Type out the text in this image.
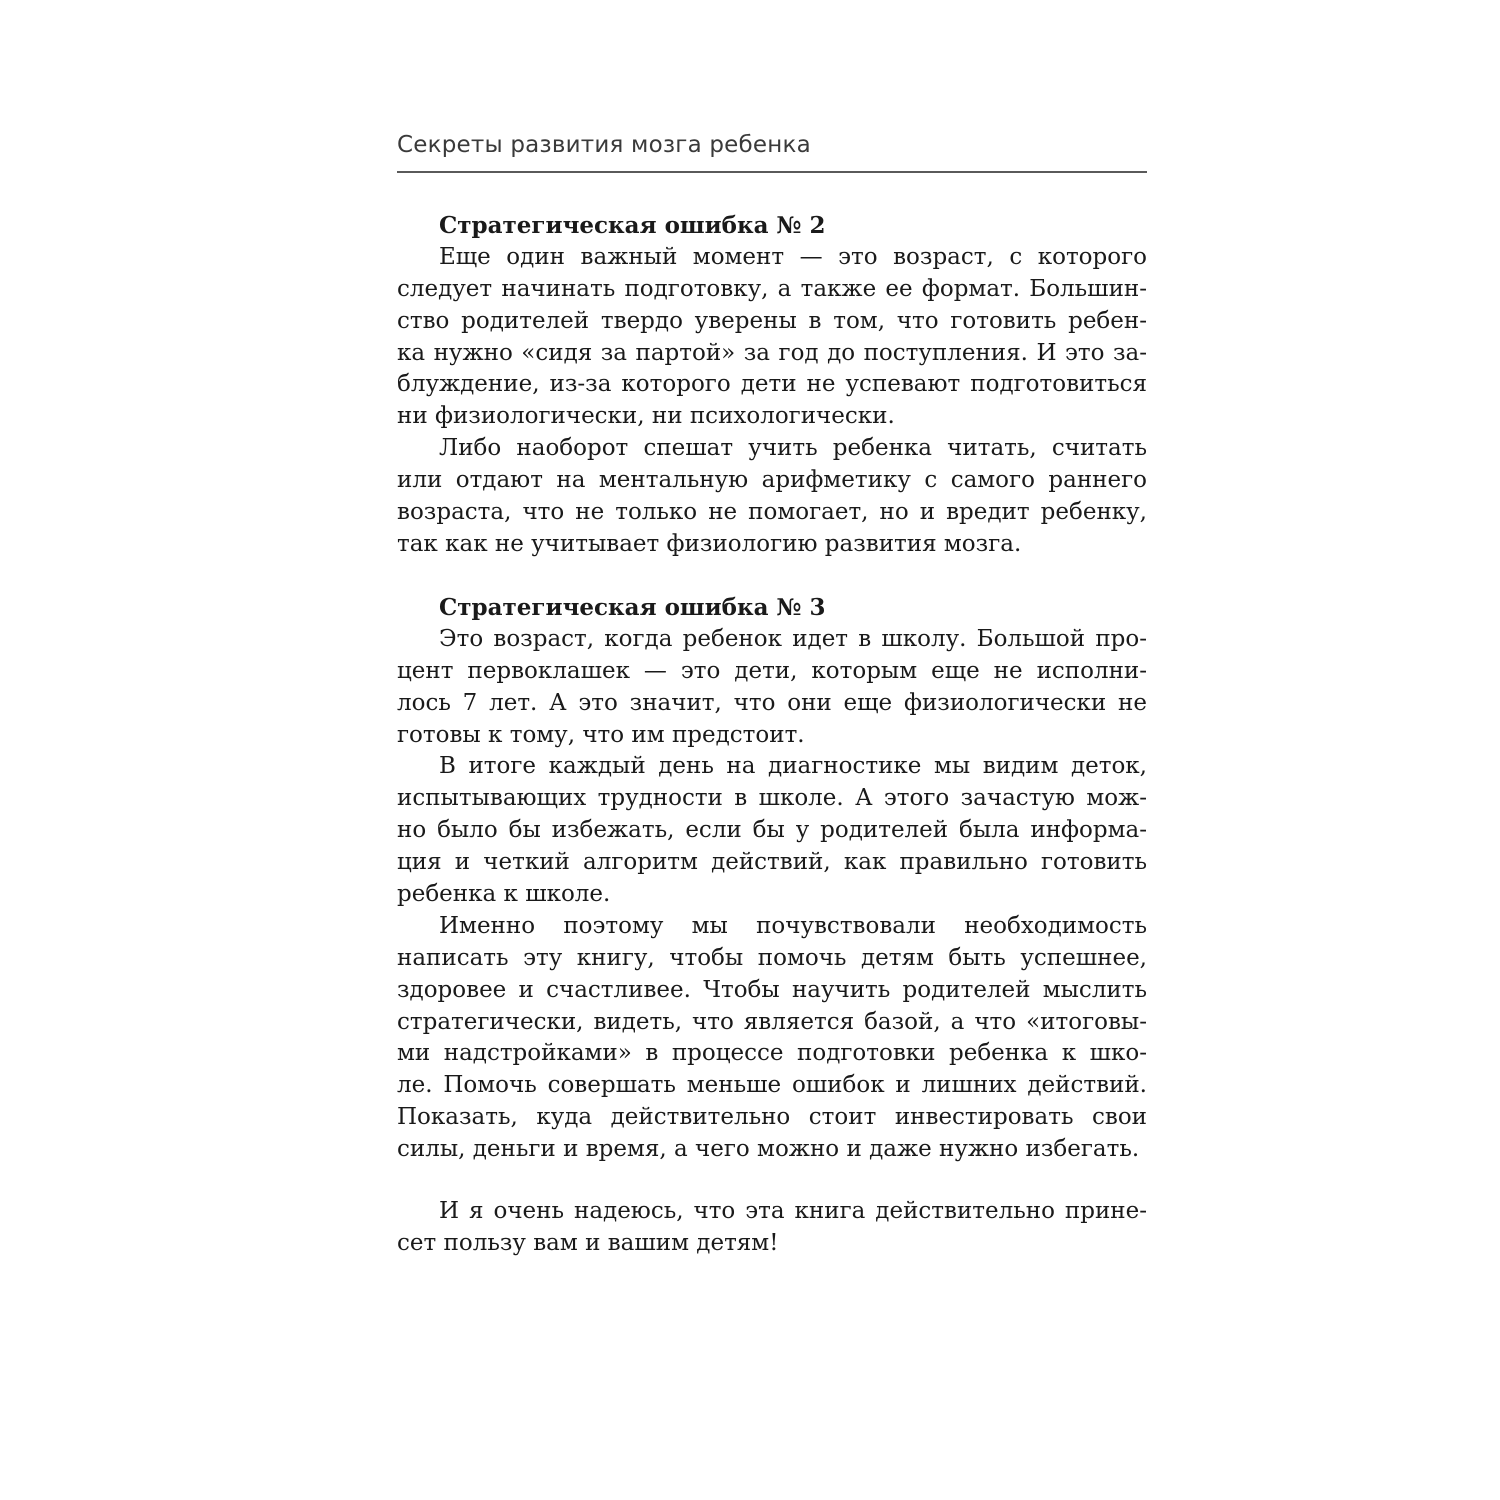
Секреты развития мозга ребенка
Стратегическая ошибка № 2
Еще один важный момент — это возраст, с которого
следует начинать подготовку, а также ее формат. Большин-
ство родителей твердо уверены в том, что готовить ребен-
ка нужно «сидя за партой» за год до поступления. И это за-
блуждение, из-за которого дети не успевают подготовиться
ни физиологически, ни психологически.
Либо наоборот спешат учить ребенка читать, считать
или отдают на ментальную арифметику с самого раннего
возраста, что не только не помогает, но и вредит ребенку,
так как не учитывает физиологию развития мозга.
Стратегическая ошибка № 3
Это возраст, когда ребенок идет в школу. Большой про-
цент первоклашек — это дети, которым еще не исполни-
лось 7 лет. А это значит, что они еще физиологически не
готовы к тому, что им предстоит.
В итоге каждый день на диагностике мы видим деток,
испытывающих трудности в школе. А этого зачастую мож-
но было бы избежать, если бы у родителей была информа-
ция и четкий алгоритм действий, как правильно готовить
ребенка к школе.
Именно поэтому мы почувствовали необходимость
написать эту книгу, чтобы помочь детям быть успешнее,
здоровее и счастливее. Чтобы научить родителей мыслить
стратегически, видеть, что является базой, а что «итоговы-
ми надстройками» в процессе подготовки ребенка к шко-
ле. Помочь совершать меньше ошибок и лишних действий.
Показать, куда действительно стоит инвестировать свои
силы, деньги и время, а чего можно и даже нужно избегать.
И я очень надеюсь, что эта книга действительно прине-
сет пользу вам и вашим детям!
